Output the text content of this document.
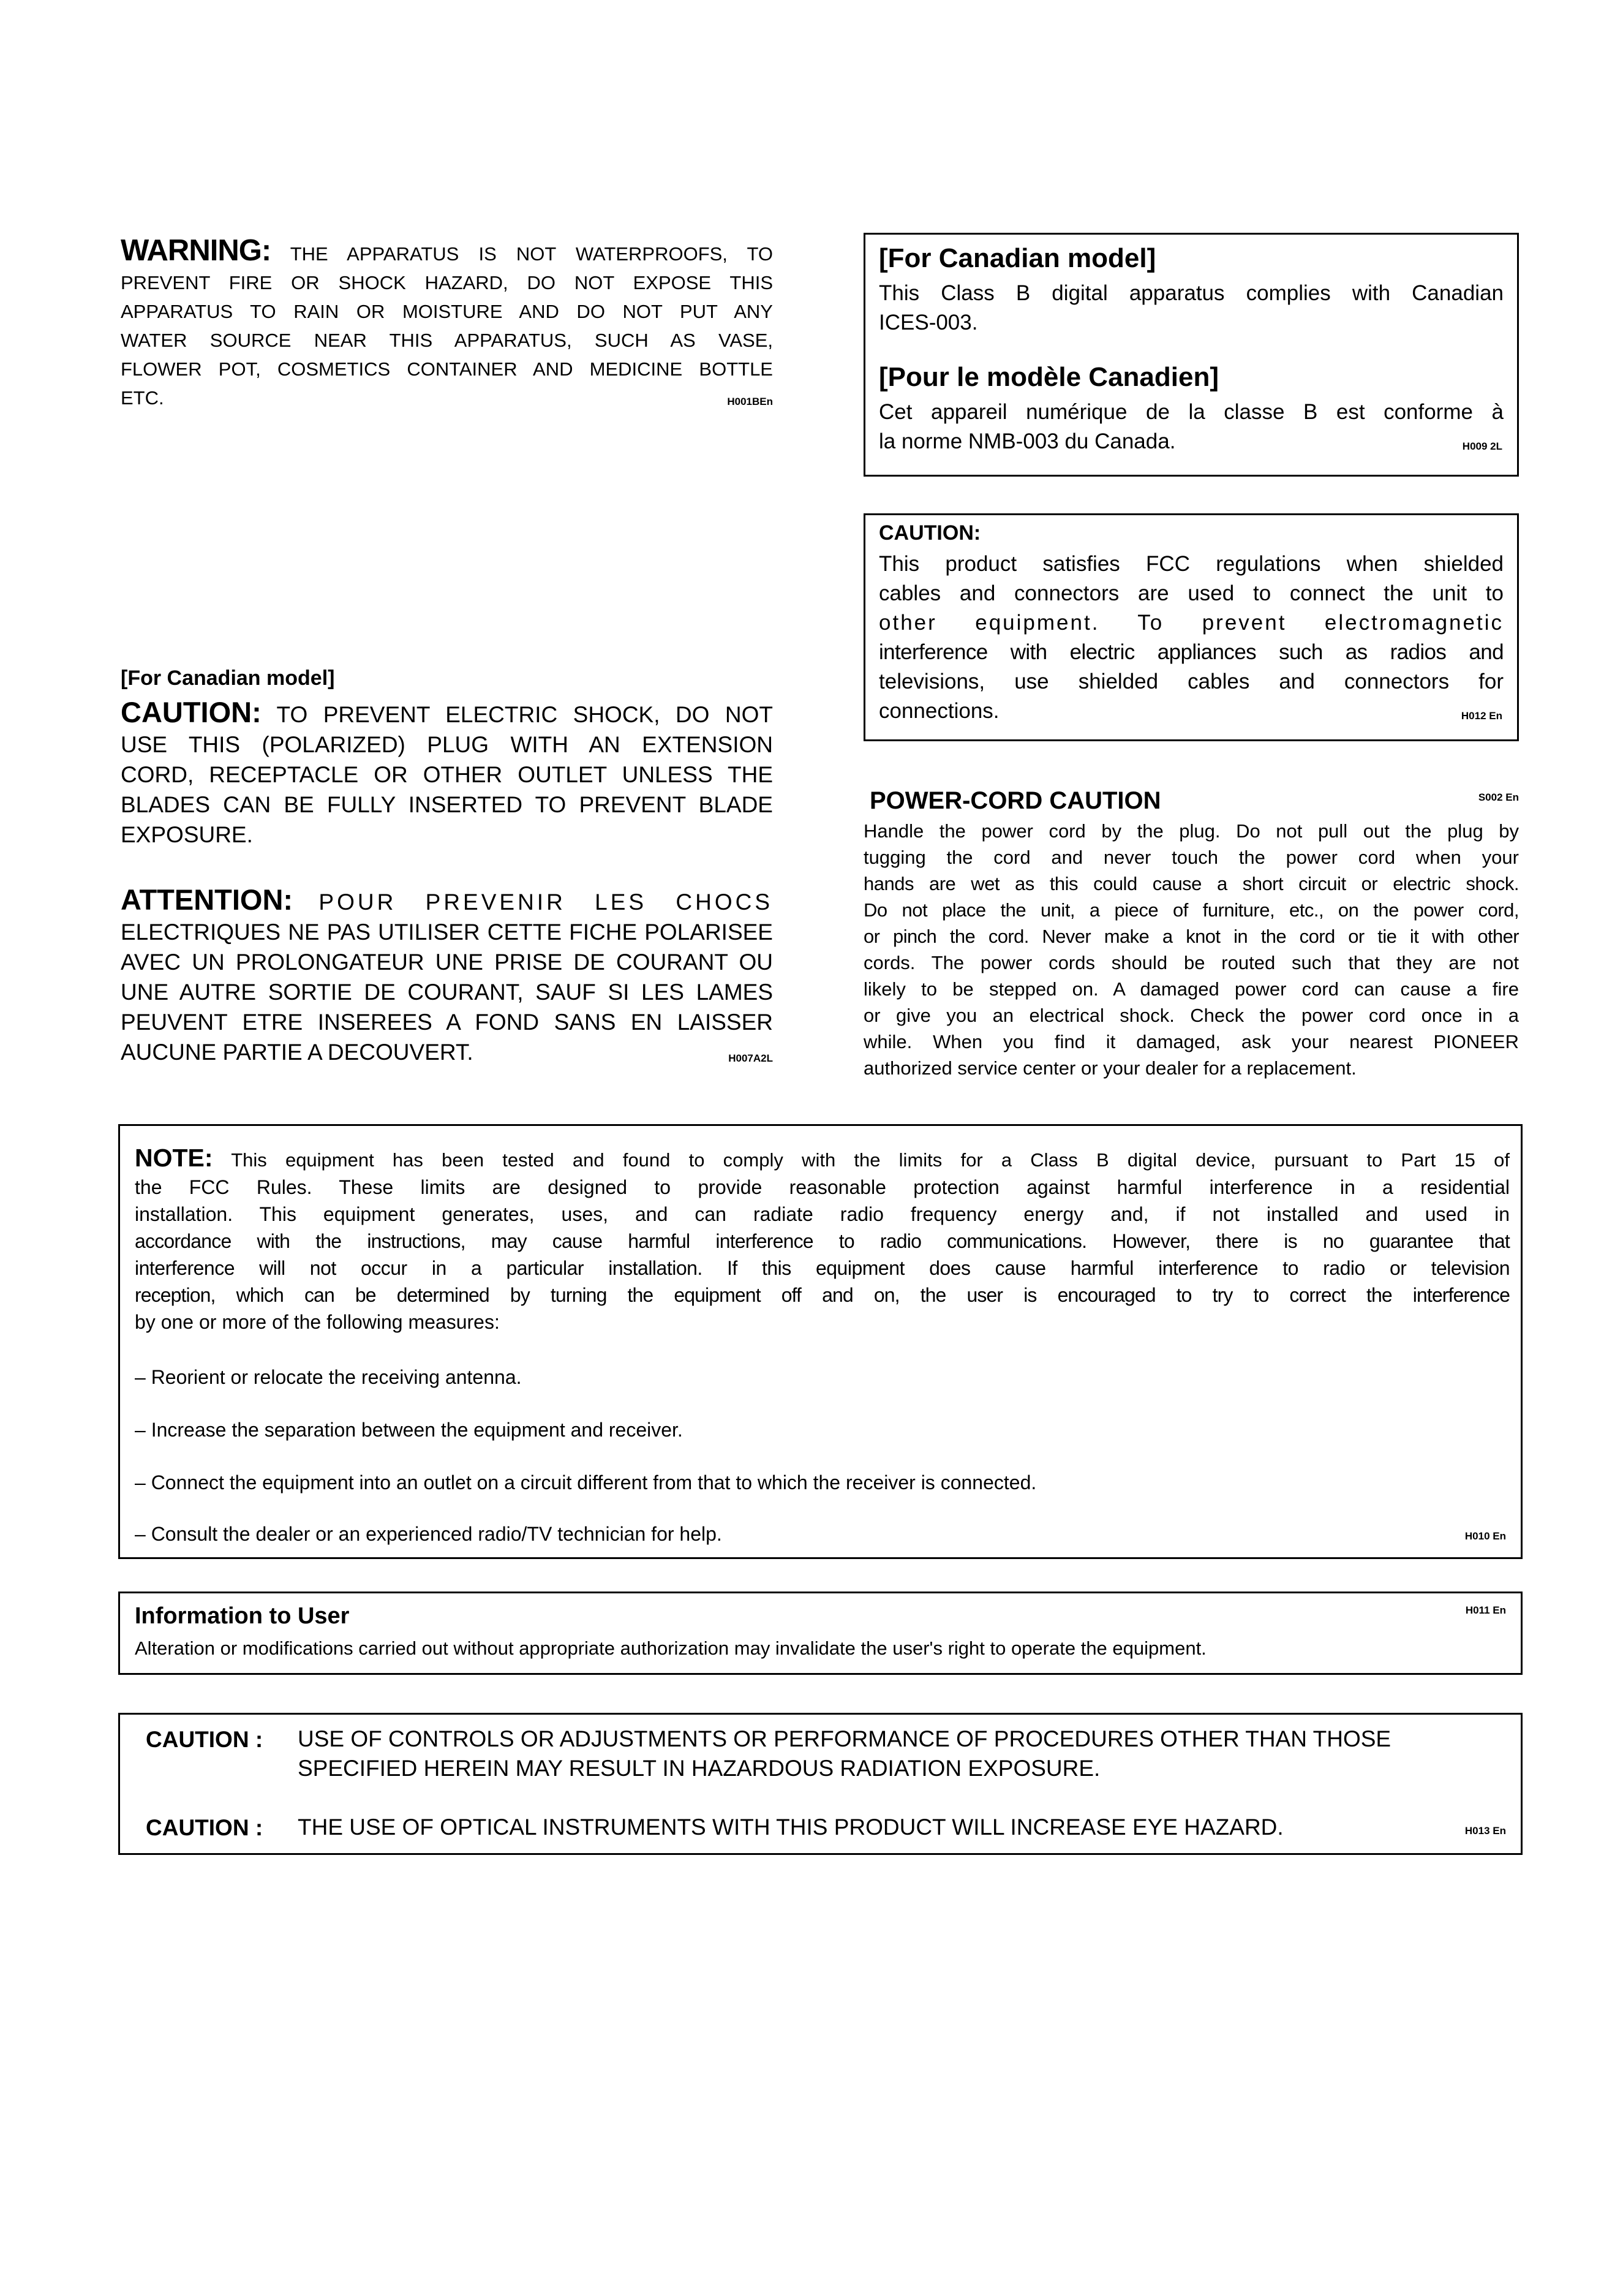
WARNING: THE APPARATUS IS NOT WATERPROOFS, TO
PREVENT FIRE OR SHOCK HAZARD, DO NOT EXPOSE THIS
APPARATUS TO RAIN OR MOISTURE AND DO NOT PUT ANY
WATER SOURCE NEAR THIS APPARATUS, SUCH AS VASE,
FLOWER POT, COSMETICS CONTAINER AND MEDICINE BOTTLE
ETC.	H001BEn
[For Canadian model]
CAUTION: TO PREVENT ELECTRIC SHOCK, DO NOT
USE THIS (POLARIZED) PLUG WITH AN EXTENSION
CORD, RECEPTACLE OR OTHER OUTLET UNLESS THE
BLADES CAN BE FULLY INSERTED TO PREVENT BLADE
EXPOSURE.
ATTENTION: POUR PREVENIR LES CHOCS
ELECTRIQUES NE PAS UTILISER CETTE FICHE POLARISEE
AVEC UN PROLONGATEUR UNE PRISE DE COURANT OU
UNE AUTRE SORTIE DE COURANT, SAUF SI LES LAMES
PEUVENT ETRE INSEREES A FOND SANS EN LAISSER
AUCUNE PARTIE A DECOUVERT.	H007A2L
[For Canadian model]
This Class B digital apparatus complies with Canadian
ICES-003.
[Pour le modèle Canadien]
Cet appareil numérique de la classe B est conforme à
la norme NMB-003 du Canada.	H009 2L
CAUTION:
This product satisfies FCC regulations when shielded
cables and connectors are used to connect the unit to
other equipment. To prevent electromagnetic
interference with electric appliances such as radios and
televisions, use shielded cables and connectors for
connections.	H012 En
POWER-CORD CAUTION	S002 En
Handle the power cord by the plug. Do not pull out the plug by
tugging the cord and never touch the power cord when your
hands are wet as this could cause a short circuit or electric shock.
Do not place the unit, a piece of furniture, etc., on the power cord,
or pinch the cord. Never make a knot in the cord or tie it with other
cords. The power cords should be routed such that they are not
likely to be stepped on. A damaged power cord can cause a fire
or give you an electrical shock. Check the power cord once in a
while. When you find it damaged, ask your nearest PIONEER
authorized service center or your dealer for a replacement.
NOTE: This equipment has been tested and found to comply with the limits for a Class B digital device, pursuant to Part 15 of
the FCC Rules. These limits are designed to provide reasonable protection against harmful interference in a residential
installation. This equipment generates, uses, and can radiate radio frequency energy and, if not installed and used in
accordance with the instructions, may cause harmful interference to radio communications. However, there is no guarantee that
interference will not occur in a particular installation. If this equipment does cause harmful interference to radio or television
reception, which can be determined by turning the equipment off and on, the user is encouraged to try to correct the interference
by one or more of the following measures:
– Reorient or relocate the receiving antenna.
– Increase the separation between the equipment and receiver.
– Connect the equipment into an outlet on a circuit different from that to which the receiver is connected.
– Consult the dealer or an experienced radio/TV technician for help.	H010 En
Information to User	H011 En
Alteration or modifications carried out without appropriate authorization may invalidate the user's right to operate the equipment.
CAUTION : USE OF CONTROLS OR ADJUSTMENTS OR PERFORMANCE OF PROCEDURES OTHER THAN THOSE
SPECIFIED HEREIN MAY RESULT IN HAZARDOUS RADIATION EXPOSURE.
CAUTION : THE USE OF OPTICAL INSTRUMENTS WITH THIS PRODUCT WILL INCREASE EYE HAZARD.	H013 En
